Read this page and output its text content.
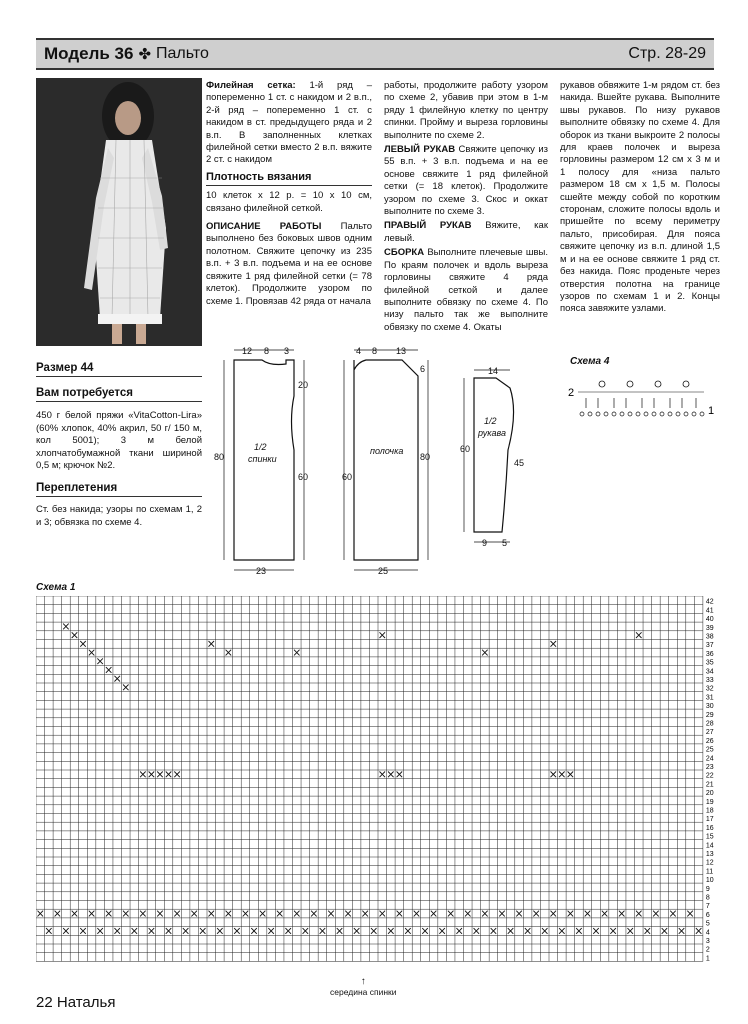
Модель 36 ✤ Пальто	Стр. 28-29

Филейная сетка: 1-й ряд – попеременно 1 ст. с накидом и 2 в.п., 2-й ряд – попеременно 1 ст. с накидом в ст. предыдущего ряда и 2 в.п. В заполненных клетках филейной сетки вместо 2 в.п. вяжите 2 ст. с накидом

Плотность вязания

10 клеток х 12 р. = 10 х 10 см, связано филейной сеткой.

ОПИСАНИЕ РАБОТЫ Пальто выполнено без боковых швов одним полотном. Свяжите цепочку из 235 в.п. + 3 в.п. подъема и на ее основе свяжите 1 ряд филейной сетки (= 78 клеток). Продолжите узором по схеме 1. Провязав 42 ряда от начала

работы, продолжите работу узором по схеме 2, убавив при этом в 1-м ряду 1 филейную клетку по центру спинки. Пройму и выреза горловины выполните по схеме 2.

ЛЕВЫЙ РУКАВ Свяжите цепочку из 55 в.п. + 3 в.п. подъема и на ее основе свяжите 1 ряд филейной сетки (= 18 клеток). Продолжите узором по схеме 3. Скос и оккат выполните по схеме 3.

ПРАВЫЙ РУКАВ Вяжите, как левый.

СБОРКА Выполните плечевые швы. По краям полочек и вдоль выреза горловины свяжите 4 ряда филейной сеткой и далее выполните обвязку по схеме 4. По низу пальто так же выполните обвязку по схеме 4. Окаты

рукавов обвяжите 1-м рядом ст. без накида. Вшейте рукава. Выполните швы рукавов. По низу рукавов выполните обвязку по схеме 4. Для оборок из ткани выкроите 2 полосы для краев полочек и выреза горловины размером 12 см х 3 м и 1 полосу для «низа пальто размером 18 см х 1,5 м. Полосы сшейте между собой по коротким сторонам, сложите полосы вдоль и пришейте по всему периметру пальто, присобирая. Для пояса свяжите цепочку из в.п. длиной 1,5 м и на ее основе свяжите 1 ряд ст. без накида. Пояс проденьте через отверстия полотна на границе узоров по схемам 1 и 2. Концы пояса завяжите узлами.

Размер 44
Вам потребуется
450 г белой пряжи «VitaCotton-Lira» (60% хлопок, 40% акрил, 50 г/ 150 м, кол 5001); 3 м белой хлопчатобумажной ткани шириной 0,5 м; крючок №2.
Переплетения
Ст. без накида; узоры по схемам 1, 2 и 3; обвязка по схеме 4.
12 8 3
20
60
80
23
1/2
спинки
4 8 13
6
80
60
25
полочка
14
60
45
9 5
1/2
рукава
Схема 4
2
1
Схема 1
42
41
40
39
38
37
36
35
34
33
32
31
30
29
28
27
26
25
24
23
22
21
20
19
18
17
16
15
14
13
12
11
10
9
8
7
6
5
4
3
2
1
↑
середина спинки
22 Наталья
